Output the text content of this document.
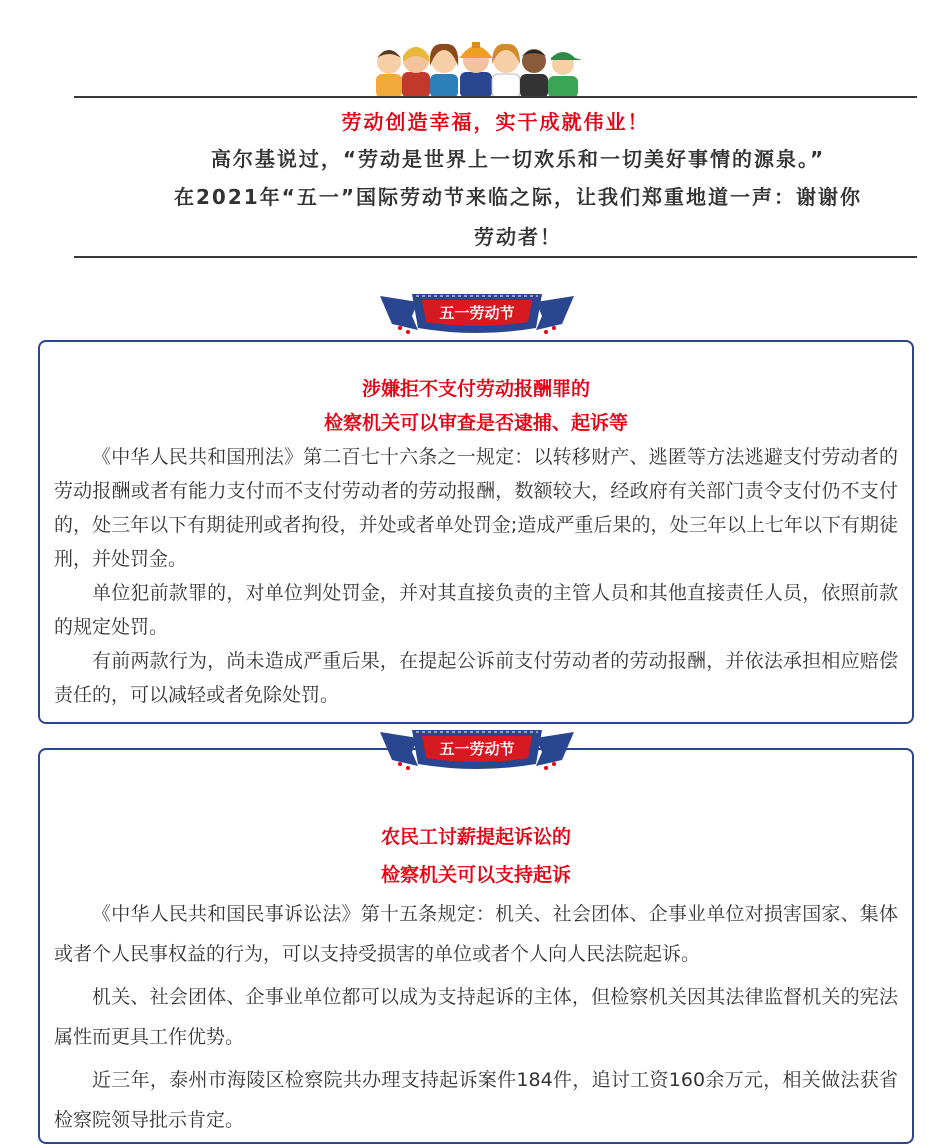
劳动创造幸福，实干成就伟业！
高尔基说过，“劳动是世界上一切欢乐和一切美好事情的源泉。”
在2021年“五一”国际劳动节来临之际，让我们郑重地道一声：谢谢你
劳动者！
五一劳动节

涉嫌拒不支付劳动报酬罪的

检察机关可以审查是否逮捕、起诉等

《中华人民共和国刑法》第二百七十六条之一规定：以转移财产、逃匿等方法逃避支付劳动者的劳动报酬或者有能力支付而不支付劳动者的劳动报酬，数额较大，经政府有关部门责令支付仍不支付的，处三年以下有期徒刑或者拘役，并处或者单处罚金;造成严重后果的，处三年以上七年以下有期徒刑，并处罚金。

单位犯前款罪的，对单位判处罚金，并对其直接负责的主管人员和其他直接责任人员，依照前款的规定处罚。

有前两款行为，尚未造成严重后果，在提起公诉前支付劳动者的劳动报酬，并依法承担相应赔偿责任的，可以减轻或者免除处罚。

农民工讨薪提起诉讼的

检察机关可以支持起诉

《中华人民共和国民事诉讼法》第十五条规定：机关、社会团体、企事业单位对损害国家、集体或者个人民事权益的行为，可以支持受损害的单位或者个人向人民法院起诉。

机关、社会团体、企事业单位都可以成为支持起诉的主体，但检察机关因其法律监督机关的宪法属性而更具工作优势。

近三年，泰州市海陵区检察院共办理支持起诉案件184件，追讨工资160余万元，相关做法获省检察院领导批示肯定。

五一劳动节
